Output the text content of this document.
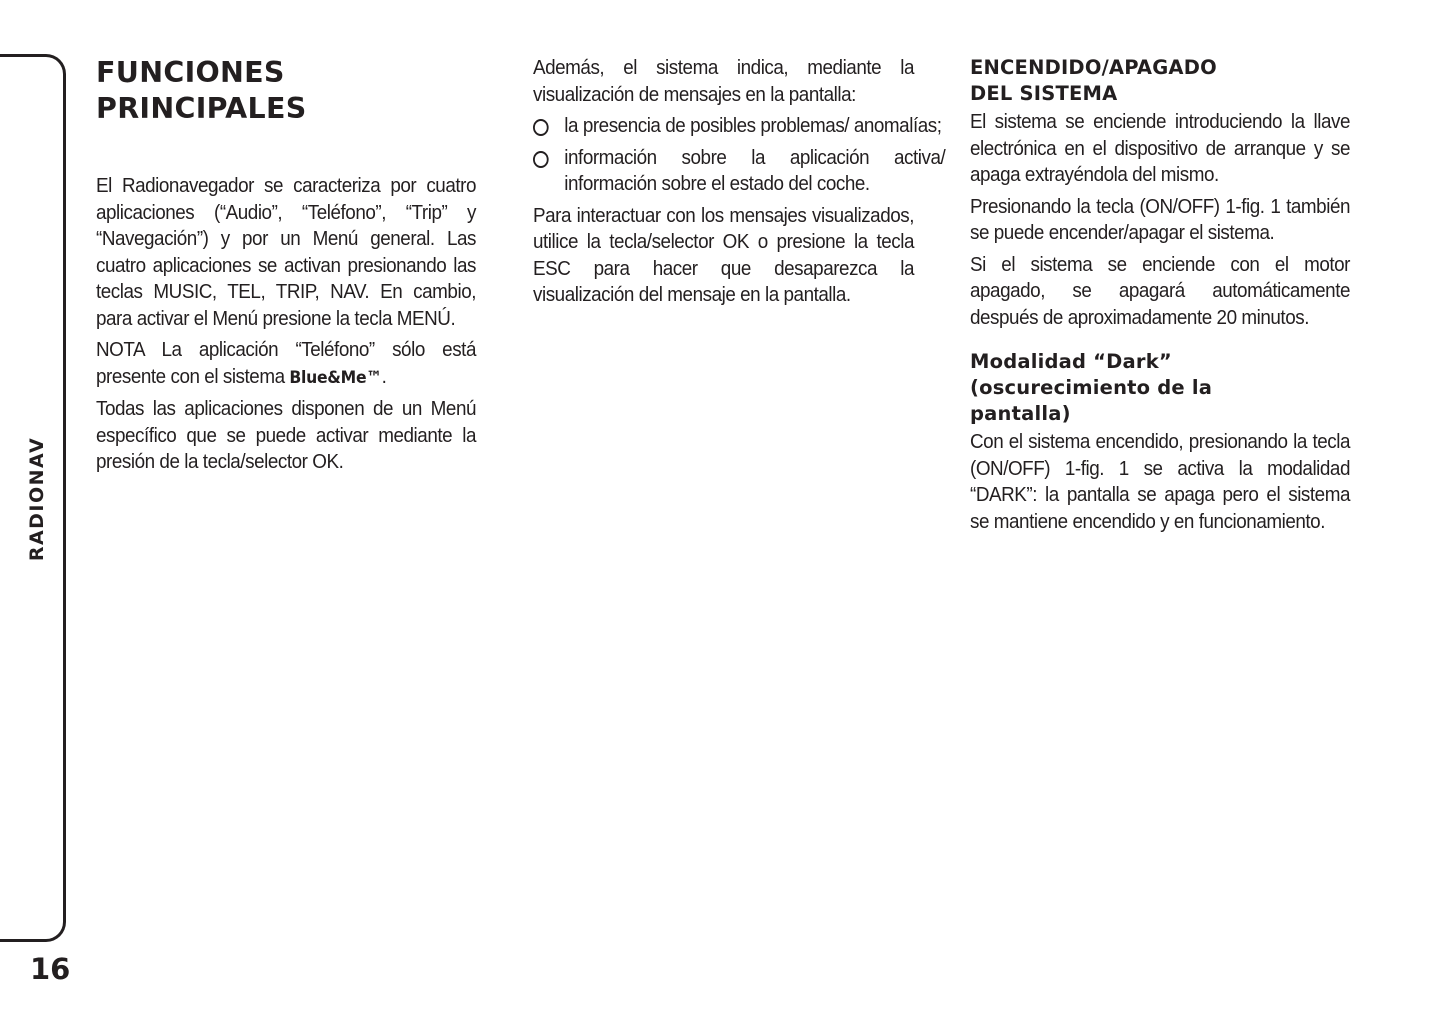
RADIONAV
16
FUNCIONES
PRINCIPALES

El Radionavegador se caracteriza por cuatro aplicaciones (“Audio”, “Teléfono”, “Trip” y “Navegación”) y por un Menú general. Las cuatro aplicaciones se activan presionando las teclas MUSIC, TEL, TRIP, NAV. En cambio, para activar el Menú presione la tecla MENÚ.

NOTA La aplicación “Teléfono” sólo está presente con el sistema Blue&Me™.

Todas las aplicaciones disponen de un Menú específico que se puede activar mediante la presión de la tecla/selector OK.

Además, el sistema indica, mediante la visualización de mensajes en la pantalla:

la presencia de posibles problemas/ anomalías;

información sobre la aplicación activa/ información sobre el estado del coche.

Para interactuar con los mensajes visualizados, utilice la tecla/selector OK o presione la tecla ESC para hacer que desaparezca la visualización del mensaje en la pantalla.

ENCENDIDO/APAGADO
DEL SISTEMA

El sistema se enciende introduciendo la llave electrónica en el dispositivo de arranque y se apaga extrayéndola del mismo.

Presionando la tecla (ON/OFF) 1-fig. 1 también se puede encender/apagar el sistema.

Si el sistema se enciende con el motor apagado, se apagará automáticamente después de aproximadamente 20 minutos.

Modalidad “Dark”
(oscurecimiento de la
pantalla)

Con el sistema encendido, presionando la tecla (ON/OFF) 1-fig. 1 se activa la modalidad “DARK”: la pantalla se apaga pero el sistema se mantiene encendido y en funcionamiento.
